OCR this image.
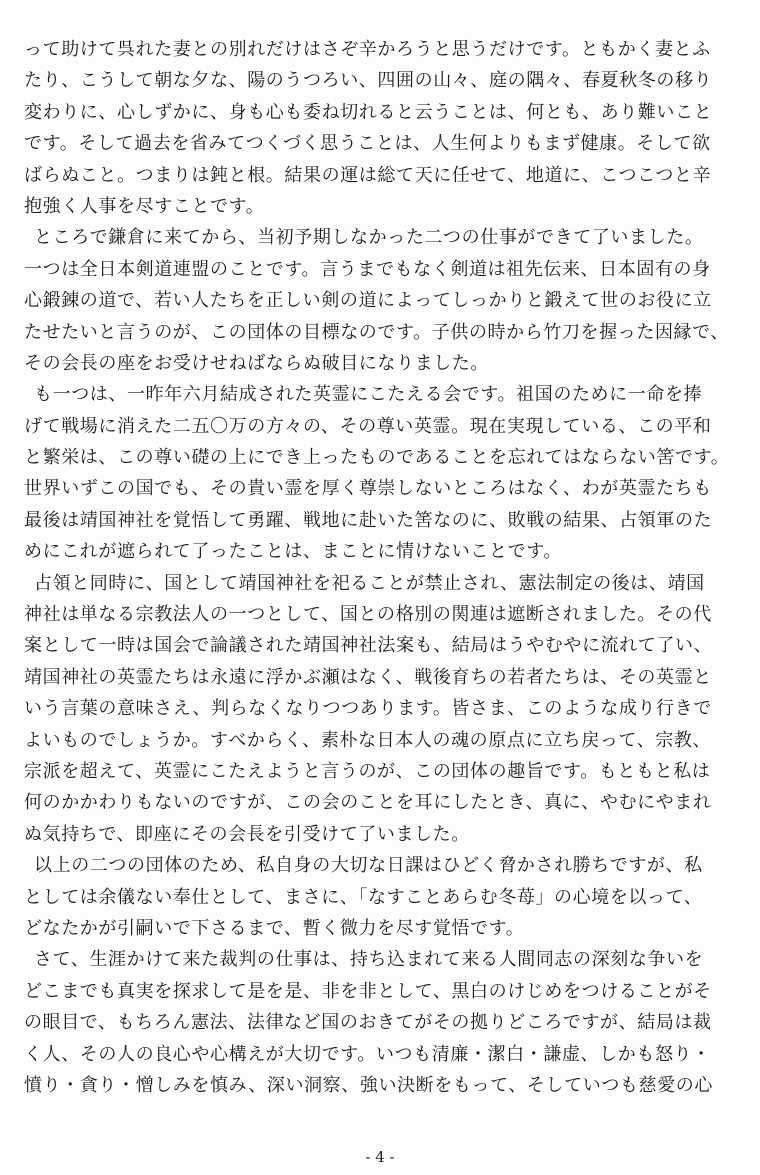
って助けて呉れた妻との別れだけはさぞ辛かろうと思うだけです。ともかく妻とふ
たり、こうして朝な夕な、陽のうつろい、四囲の山々、庭の隅々、春夏秋冬の移り
変わりに、心しずかに、身も心も委ね切れると云うことは、何とも、あり難いこと
です。そして過去を省みてつくづく思うことは、人生何よりもまず健康。そして欲
ばらぬこと。つまりは鈍と根。結果の運は総て天に任せて、地道に、こつこつと辛
抱強く人事を尽すことです。
ところで鎌倉に来てから、当初予期しなかった二つの仕事ができて了いました。
一つは全日本剣道連盟のことです。言うまでもなく剣道は祖先伝来、日本固有の身
心鍛錬の道で、若い人たちを正しい剣の道によってしっかりと鍛えて世のお役に立
たせたいと言うのが、この団体の目標なのです。子供の時から竹刀を握った因縁で、
その会長の座をお受けせねばならぬ破目になりました。
も一つは、一昨年六月結成された英霊にこたえる会です。祖国のために一命を捧
げて戦場に消えた二五〇万の方々の、その尊い英霊。現在実現している、この平和
と繁栄は、この尊い礎の上にでき上ったものであることを忘れてはならない筈です。
世界いずこの国でも、その貴い霊を厚く尊崇しないところはなく、わが英霊たちも
最後は靖国神社を覚悟して勇躍、戦地に赴いた筈なのに、敗戦の結果、占領軍のた
めにこれが遮られて了ったことは、まことに情けないことです。
占領と同時に、国として靖国神社を祀ることが禁止され、憲法制定の後は、靖国
神社は単なる宗教法人の一つとして、国との格別の関連は遮断されました。その代
案として一時は国会で論議された靖国神社法案も、結局はうやむやに流れて了い、
靖国神社の英霊たちは永遠に浮かぶ瀬はなく、戦後育ちの若者たちは、その英霊と
いう言葉の意味さえ、判らなくなりつつあります。皆さま、このような成り行きで
よいものでしょうか。すべからく、素朴な日本人の魂の原点に立ち戻って、宗教、
宗派を超えて、英霊にこたえようと言うのが、この団体の趣旨です。もともと私は
何のかかわりもないのですが、この会のことを耳にしたとき、真に、やむにやまれ
ぬ気持ちで、即座にその会長を引受けて了いました。
以上の二つの団体のため、私自身の大切な日課はひどく脅かされ勝ちですが、私
としては余儀ない奉仕として、まさに、「なすことあらむ冬苺」の心境を以って、
どなたかが引嗣いで下さるまで、暫く微力を尽す覚悟です。
さて、生涯かけて来た裁判の仕事は、持ち込まれて来る人間同志の深刻な争いを
どこまでも真実を探求して是を是、非を非として、黒白のけじめをつけることがそ
の眼目で、もちろん憲法、法律など国のおきてがその拠りどころですが、結局は裁
く人、その人の良心や心構えが大切です。いつも清廉・潔白・謙虚、しかも怒り・
憤り・貪り・憎しみを慎み、深い洞察、強い決断をもって、そしていつも慈愛の心
- 4 -
